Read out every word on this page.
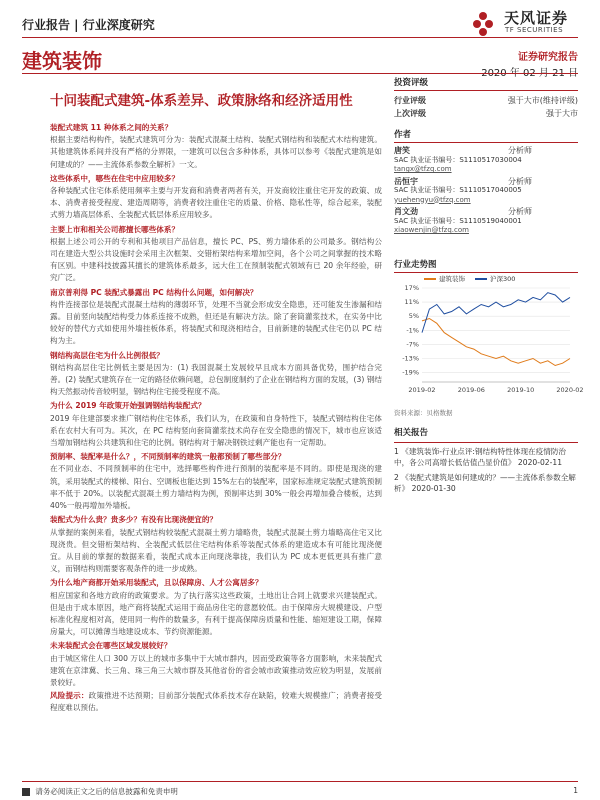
行业报告 | 行业深度研究	天风证券
TF SECURITIES
建筑装饰	证券研究报告
十问装配式建筑-体系差异、政策脉络和经济适用性
装配式建筑 11 种体系之间的关系？
根据主要结构构件，装配式建筑可分为：装配式混凝土结构、装配式钢结构和装配式木结构建筑。其他建筑体系间并没有严格的分界限，一建筑可以包含多种体系，具体可以参考《装配式建筑是如何建成的？——主流体系参数全解析》一文。
这些体系中，哪些在住宅中应用较多？
各种装配式住宅体系使用频率主要与开发商和消费者两者有关，开发商较注重住宅开发的政策、成本、消费者接受程度、建造周期等，消费者较注重住宅的质量、价格、隐私性等，综合起来，装配式剪力墙高层体系、全装配式低层体系应用较多。
主要上市和相关公司都擅长哪些体系？
根据上述公司公开的专利和其他项目产品信息，擅长 PC、PS、剪力墙体系的公司最多。钢结构公司在建造大型公共设施时会采用主次框架、交错桁架结构来增加空间，各个公司之间掌握的技术略有区别。中建科技披露其擅长的建筑体系最多，远大住工在预制装配式领域有已 20 余年经验，研究广泛。
南京普利得 PC 装配式暴露出 PC 结构什么问题，如何解决？
构件连接部位是装配式混凝土结构的薄弱环节，处理不当就会形成安全隐患，还可能发生渗漏和结露。目前竖向装配结构受力体系连接不成熟，但还是有解决方法。除了套筒灌浆技术，在实务中比较好的替代方式如使用外墙挂板体系，将装配式和现浇相结合，目前新建的装配式住宅仍以 PC 结构为主。
钢结构高层住宅为什么比例很低？
钢结构高层住宅比例低主要是因为：(1) 我国混凝土发展较早且成本方面具备优势，围护结合完善。(2) 装配式建筑存在一定的路径依赖问题，总包制度制约了企业在钢结构方面的发展，(3) 钢结构天然振动传音较明显，钢结构住宅接受程度不高。
为什么 2019 年政策开始强调钢结构装配式？
2019 年住建部要求推广钢结构住宅体系，我们认为，在政策和自身特性下，装配式钢结构住宅体系在农村大有可为。其次，在 PC 结构竖向套筒灌浆技术尚存在安全隐患的情况下，城市也应该适当增加钢结构公共建筑和住宅的比例。钢结构对于解决钢铁过剩产能也有一定帮助。
预制率、装配率是什么？，不同预制率的建筑一般都预制了哪些部分？
在不同业态、不同预制率的住宅中，选择哪些构件进行预制的装配率是不同的。即使是现浇的建筑，采用装配式的楼梯、阳台、空调板也能达到 15%左右的装配率，国家标准规定装配式建筑预制率不低于 20%。以装配式混凝土剪力墙结构为例，预制率达到 30%一般会再增加叠合楼板，达到 40%一般再增加外墙板。
装配式为什么贵？贵多少？有没有比现浇便宜的？
从掌握的案例来看，装配式钢结构较装配式混凝土剪力墙略贵，装配式混凝土剪力墙略高住宅又比现浇贵。但交错桁架结构、全装配式低层住宅结构体系等装配式体系的建造成本有可能比现浇便宜。从目前的掌握的数据来看，装配式成本正向现浇靠拢，我们认为 PC 成本更低更具有推广意义，而钢结构则需要客观条件的进一步成熟。
为什么地产商都开始采用装配式，且以保障房、人才公寓居多？
相应国家和各地方政府的政策要求。为了执行落实这些政策，土地出让合同上就要求兴建装配式。但是由于成本原因，地产商将装配式运用于商品房住宅的意愿较低。由于保障房大规模建设、户型标准化程度相对高，使用同一构件的数量多，有利于提高保障房质量和性能、缩短建设工期，保障房量大，可以摊薄当地建设成本、节约资源能源。
未来装配式会在哪些区域发展较好？
由于城区常住人口 300 万以上的城市多集中于大城市群内，因而受政策等各方面影响，未来装配式建筑在京津冀、长三角、珠三角三大城市群及其他省份的省会城市政策推动效应较为明显，发展前景较好。
风险提示：政策推进不达预期；目前部分装配式体系技术存在缺陷，较难大规模推广；消费者接受程度难以预估。
投资评级
行业评级	强于大市(维持评级)
上次评级	强于大市
作者
唐笑	分析师
SAC 执业证书编号：S1110517030004
tangx@tfzq.com
岳恒宇	分析师
SAC 执业证书编号：S1110517040005
yuehengyu@tfzq.com
肖文劲	分析师
SAC 执业证书编号：S1110519040001
xiaowenjin@tfzq.com
行业走势图
建筑装饰	沪深300
17%
11%
5%
-1%
-7%
-13%
-19%
2019-02	2019-06	2019-10	2020-02
资料来源：贝格数据
相关报告
1 《建筑装饰-行业点评:钢结构特性体现在疫情防治中，各公司高增长低估值凸显价值》 2020-02-11
2 《装配式建筑是如何建成的？——主流体系参数全解析》 2020-01-30
请务必阅读正文之后的信息披露和免责申明	1
